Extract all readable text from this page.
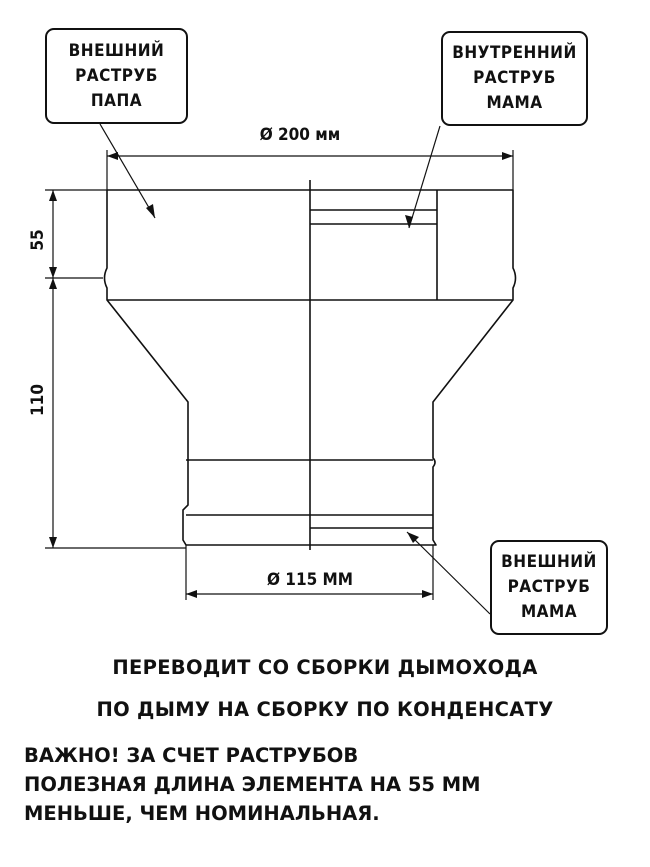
Ø 200 мм
Ø 115 ММ
55
110
ВНЕШНИЙ
РАСТРУБ
ПАПА
ВНУТРЕННИЙ
РАСТРУБ
МАМА
ВНЕШНИЙ
РАСТРУБ
МАМА
ПЕРЕВОДИТ СО СБОРКИ ДЫМОХОДА
ПО ДЫМУ НА СБОРКУ ПО КОНДЕНСАТУ
ВАЖНО! ЗА СЧЕТ РАСТРУБОВ
ПОЛЕЗНАЯ ДЛИНА ЭЛЕМЕНТА НА 55 ММ
МЕНЬШЕ, ЧЕМ НОМИНАЛЬНАЯ.
